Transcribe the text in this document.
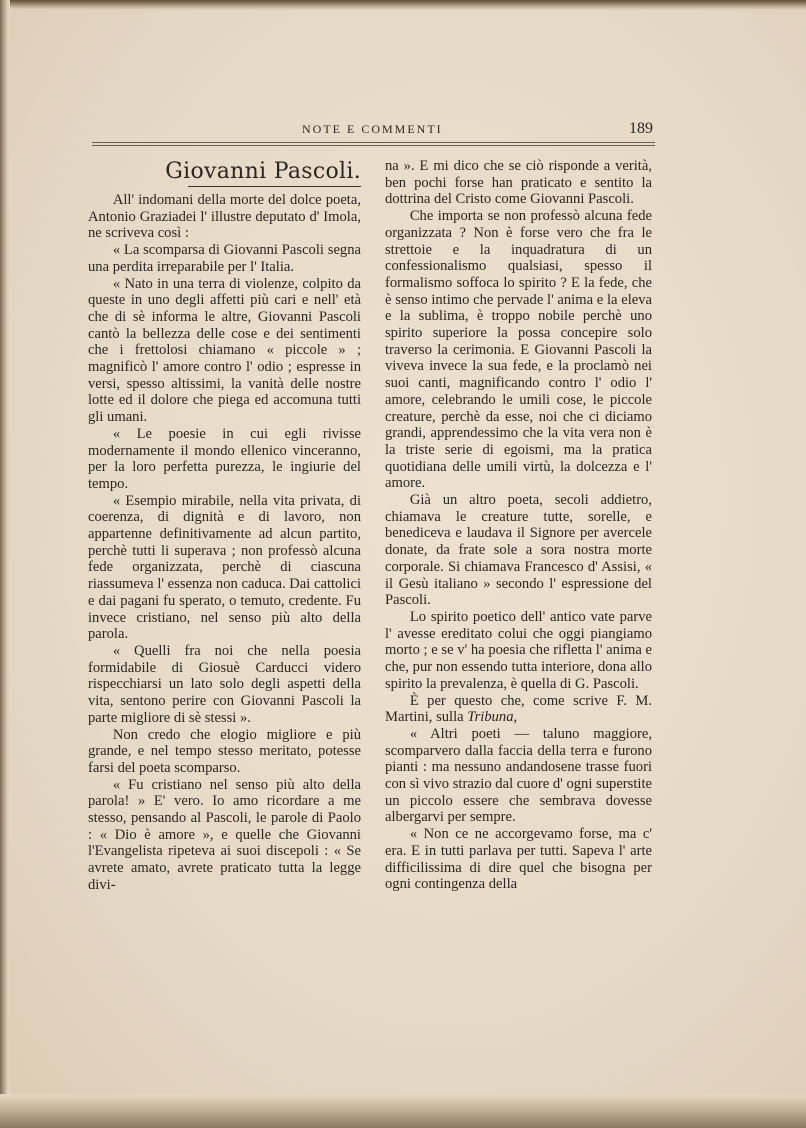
NOTE E COMMENTI	189
Giovanni Pascoli.

All' indomani della morte del dolce poeta, Antonio Graziadei l' illustre deputato d' Imola, ne scriveva così :

« La scomparsa di Giovanni Pascoli segna una perdita irreparabile per l' Italia.

« Nato in una terra di violenze, colpito da queste in uno degli affetti più cari e nell' età che di sè informa le altre, Giovanni Pascoli cantò la bellezza delle cose e dei sentimenti che i frettolosi chiamano « piccole » ; magnificò l' amore contro l' odio ; espresse in versi, spesso altissimi, la vanità delle nostre lotte ed il dolore che piega ed accomuna tutti gli umani.

« Le poesie in cui egli rivisse modernamente il mondo ellenico vinceranno, per la loro perfetta purezza, le ingiurie del tempo.

« Esempio mirabile, nella vita privata, di coerenza, di dignità e di lavoro, non appartenne definitivamente ad alcun partito, perchè tutti li superava ; non professò alcuna fede organizzata, perchè di ciascuna riassumeva l' essenza non caduca. Dai cattolici e dai pagani fu sperato, o temuto, credente. Fu invece cristiano, nel senso più alto della parola.

« Quelli fra noi che nella poesia formidabile di Giosuè Carducci videro rispecchiarsi un lato solo degli aspetti della vita, sentono perire con Giovanni Pascoli la parte migliore di sè stessi ».

Non credo che elogio migliore e più grande, e nel tempo stesso meritato, potesse farsi del poeta scomparso.

« Fu cristiano nel senso più alto della parola! » E' vero. Io amo ricordare a me stesso, pensando al Pascoli, le parole di Paolo : « Dio è amore », e quelle che Giovanni l'Evangelista ripeteva ai suoi discepoli : « Se avrete amato, avrete praticato tutta la legge divi-

na ». E mi dico che se ciò risponde a verità, ben pochi forse han praticato e sentito la dottrina del Cristo come Giovanni Pascoli.

Che importa se non professò alcuna fede organizzata ? Non è forse vero che fra le strettoie e la inquadratura di un confessionalismo qualsiasi, spesso il formalismo soffoca lo spirito ? E la fede, che è senso intimo che pervade l' anima e la eleva e la sublima, è troppo nobile perchè uno spirito superiore la possa concepire solo traverso la cerimonia. E Giovanni Pascoli la viveva invece la sua fede, e la proclamò nei suoi canti, magnificando contro l' odio l' amore, celebrando le umili cose, le piccole creature, perchè da esse, noi che ci diciamo grandi, apprendessimo che la vita vera non è la triste serie di egoismi, ma la pratica quotidiana delle umili virtù, la dolcezza e l' amore.

Già un altro poeta, secoli addietro, chiamava le creature tutte, sorelle, e benediceva e laudava il Signore per avercele donate, da frate sole a sora nostra morte corporale. Si chiamava Francesco d' Assisi, « il Gesù italiano » secondo l' espressione del Pascoli.

Lo spirito poetico dell' antico vate parve l' avesse ereditato colui che oggi piangiamo morto ; e se v' ha poesia che rifletta l' anima e che, pur non essendo tutta interiore, dona allo spirito la prevalenza, è quella di G. Pascoli.

È per questo che, come scrive F. M. Martini, sulla Tribuna,

« Altri poeti — taluno maggiore, scomparvero dalla faccia della terra e furono pianti : ma nessuno andandosene trasse fuori con sì vivo strazio dal cuore d' ogni superstite un piccolo essere che sembrava dovesse albergarvi per sempre.

« Non ce ne accorgevamo forse, ma c' era. E in tutti parlava per tutti. Sapeva l' arte difficilissima di dire quel che bisogna per ogni contingenza della
